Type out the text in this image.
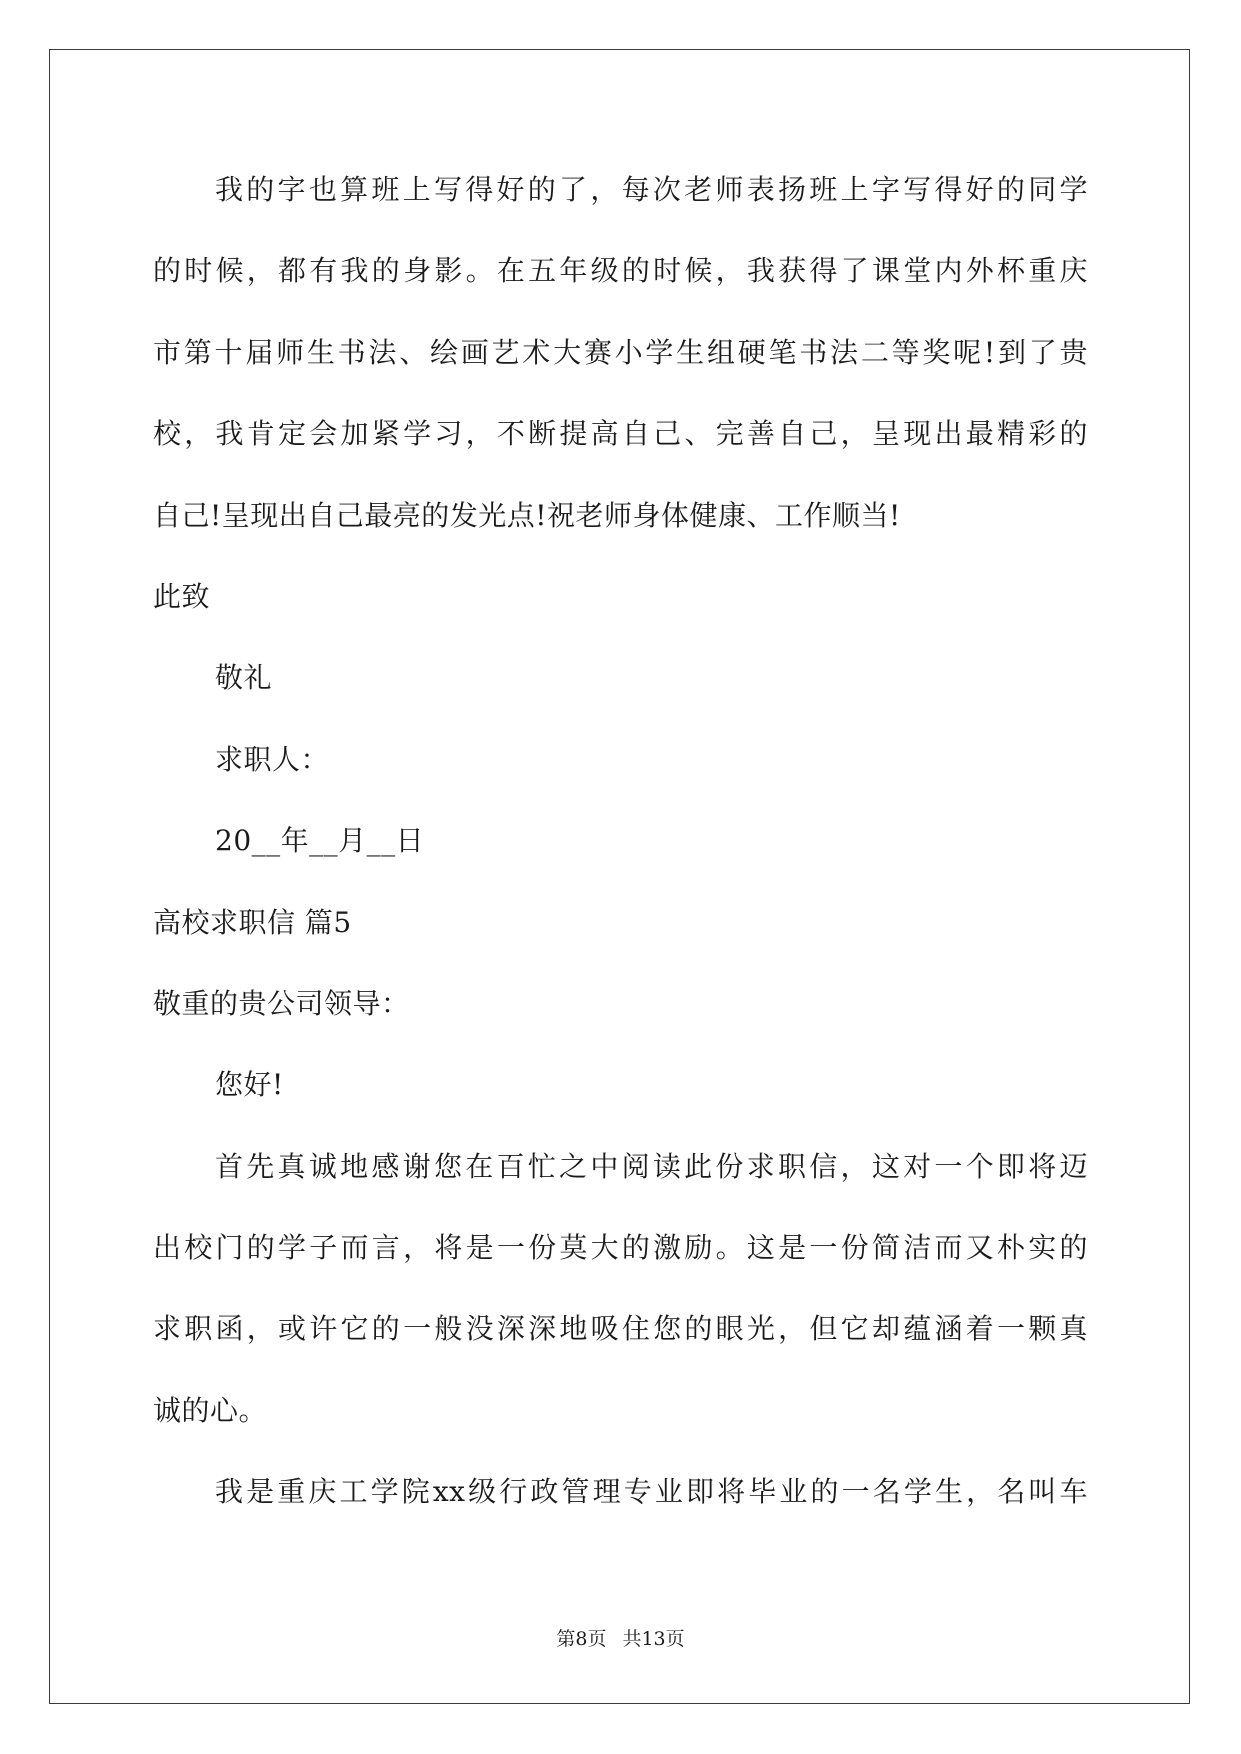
我的字也算班上写得好的了，每次老师表扬班上字写得好的同学
的时候，都有我的身影。在五年级的时候，我获得了课堂内外杯重庆
市第十届师生书法、绘画艺术大赛小学生组硬笔书法二等奖呢!到了贵
校，我肯定会加紧学习，不断提高自己、完善自己，呈现出最精彩的
自己!呈现出自己最亮的发光点!祝老师身体健康、工作顺当!
此致
敬礼
求职人：
20__年__月__日
高校求职信 篇5
敬重的贵公司领导：
您好!
首先真诚地感谢您在百忙之中阅读此份求职信，这对一个即将迈
出校门的学子而言，将是一份莫大的激励。这是一份简洁而又朴实的
求职函，或许它的一般没深深地吸住您的眼光，但它却蕴涵着一颗真
诚的心。
我是重庆工学院xx级行政管理专业即将毕业的一名学生，名叫车
第8页 共13页
